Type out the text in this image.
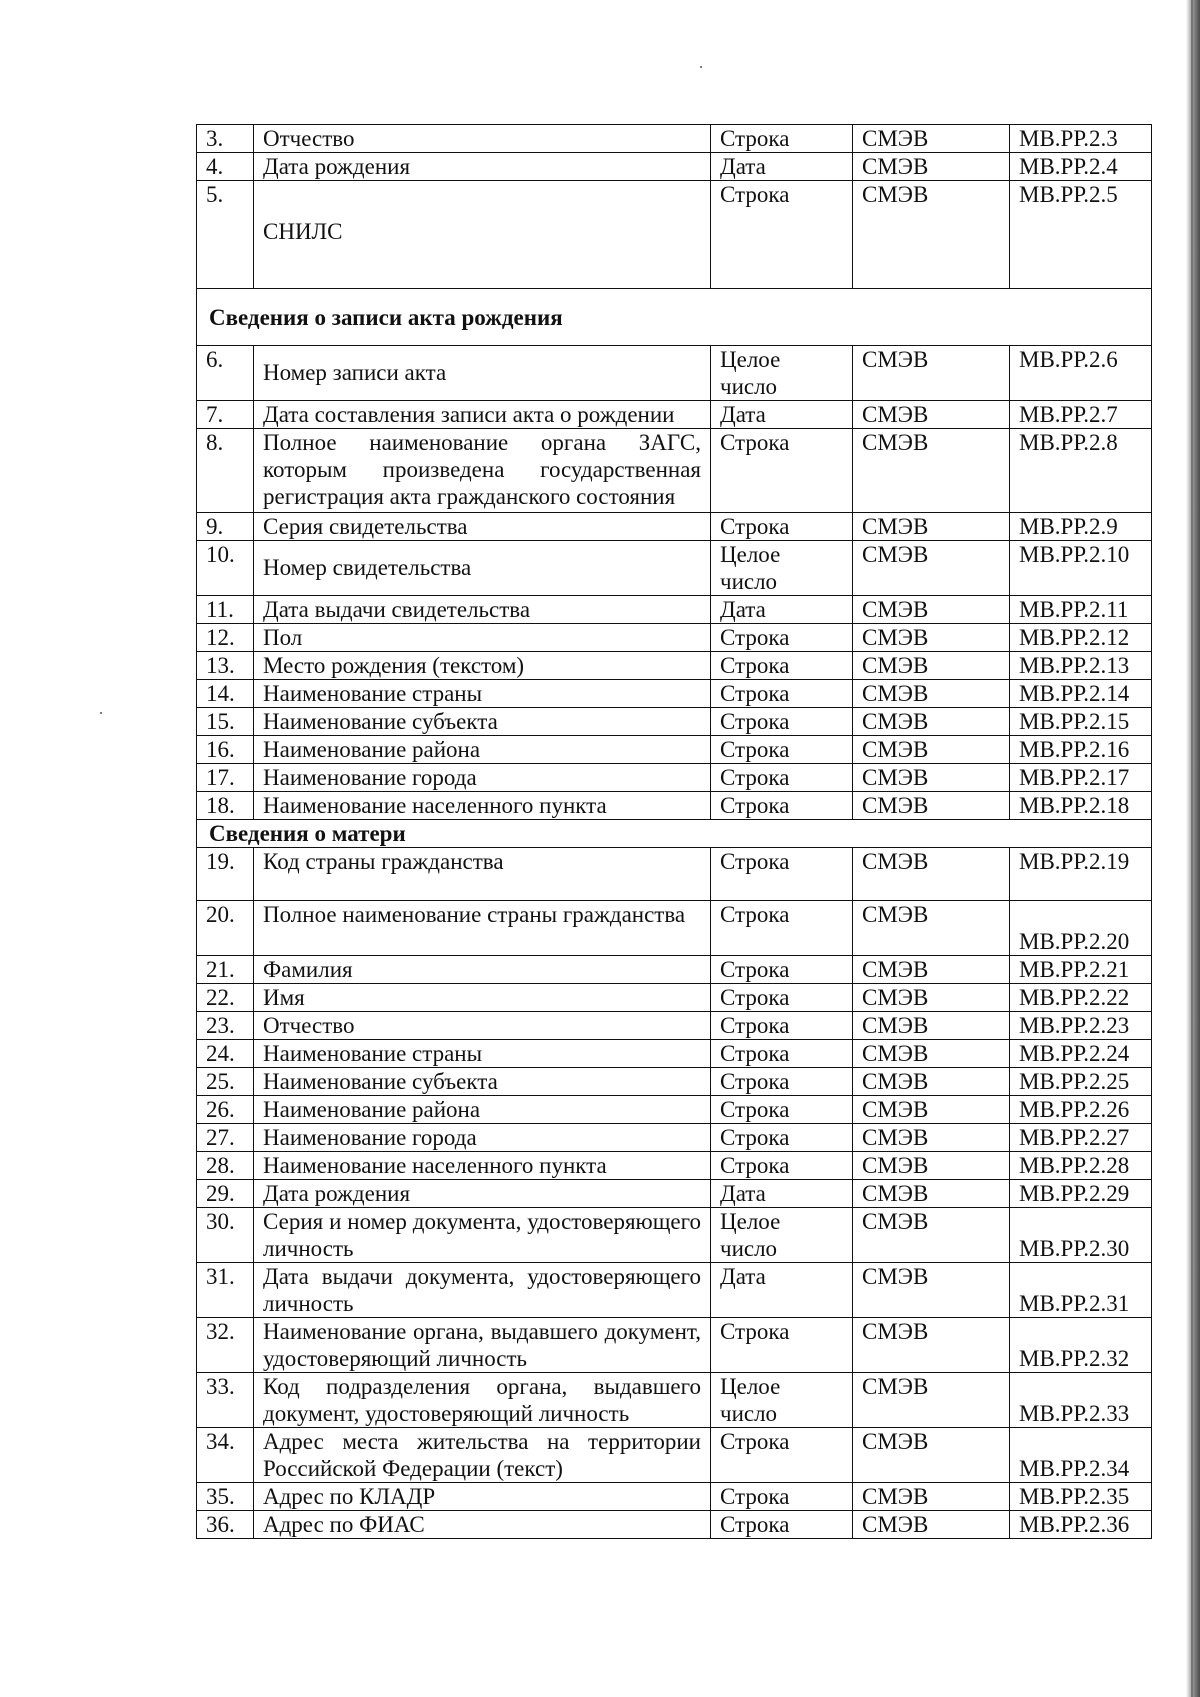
3.	Отчество	Строка	СМЭВ	МВ.РР.2.3
4.	Дата рождения	Дата	СМЭВ	МВ.РР.2.4
5.	СНИЛС	Строка	СМЭВ	МВ.РР.2.5
Сведения о записи акта рождения				
6.	Номер записи акта	Целое число	СМЭВ	МВ.РР.2.6
7.	Дата составления записи акта о рождении	Дата	СМЭВ	МВ.РР.2.7
8.	Полное наименование органа ЗАГС, которым произведена государственная регистрация акта гражданского состояния	Строка	СМЭВ	МВ.РР.2.8
9.	Серия свидетельства	Строка	СМЭВ	МВ.РР.2.9
10.	Номер свидетельства	Целое число	СМЭВ	МВ.РР.2.10
11.	Дата выдачи свидетельства	Дата	СМЭВ	МВ.РР.2.11
12.	Пол	Строка	СМЭВ	МВ.РР.2.12
13.	Место рождения (текстом)	Строка	СМЭВ	МВ.РР.2.13
14.	Наименование страны	Строка	СМЭВ	МВ.РР.2.14
15.	Наименование субъекта	Строка	СМЭВ	МВ.РР.2.15
16.	Наименование района	Строка	СМЭВ	МВ.РР.2.16
17.	Наименование города	Строка	СМЭВ	МВ.РР.2.17
18.	Наименование населенного пункта	Строка	СМЭВ	МВ.РР.2.18
Сведения о матери				
19.	Код страны гражданства	Строка	СМЭВ	МВ.РР.2.19
20.	Полное наименование страны гражданства	Строка	СМЭВ	МВ.РР.2.20

21.	Фамилия	Строка	СМЭВ	МВ.РР.2.21
22.	Имя	Строка	СМЭВ	МВ.РР.2.22
23.	Отчество	Строка	СМЭВ	МВ.РР.2.23
24.	Наименование страны	Строка	СМЭВ	МВ.РР.2.24
25.	Наименование субъекта	Строка	СМЭВ	МВ.РР.2.25
26.	Наименование района	Строка	СМЭВ	МВ.РР.2.26
27.	Наименование города	Строка	СМЭВ	МВ.РР.2.27
28.	Наименование населенного пункта	Строка	СМЭВ	МВ.РР.2.28
29.	Дата рождения	Дата	СМЭВ	МВ.РР.2.29
30.	Серия и номер документа, удостоверяющего личность	Целое число	СМЭВ	МВ.РР.2.30

31.	Дата выдачи документа, удостоверяющего личность	Дата	СМЭВ	МВ.РР.2.31

32.	Наименование органа, выдавшего документ, удостоверяющий личность	Строка	СМЭВ	МВ.РР.2.32

33.	Код подразделения органа, выдавшего документ, удостоверяющий личность	Целое число	СМЭВ	МВ.РР.2.33

34.	Адрес места жительства на территории Российской Федерации (текст)	Строка	СМЭВ	МВ.РР.2.34

35.	Адрес по КЛАДР	Строка	СМЭВ	МВ.РР.2.35
36.	Адрес по ФИАС	Строка	СМЭВ	МВ.РР.2.36
